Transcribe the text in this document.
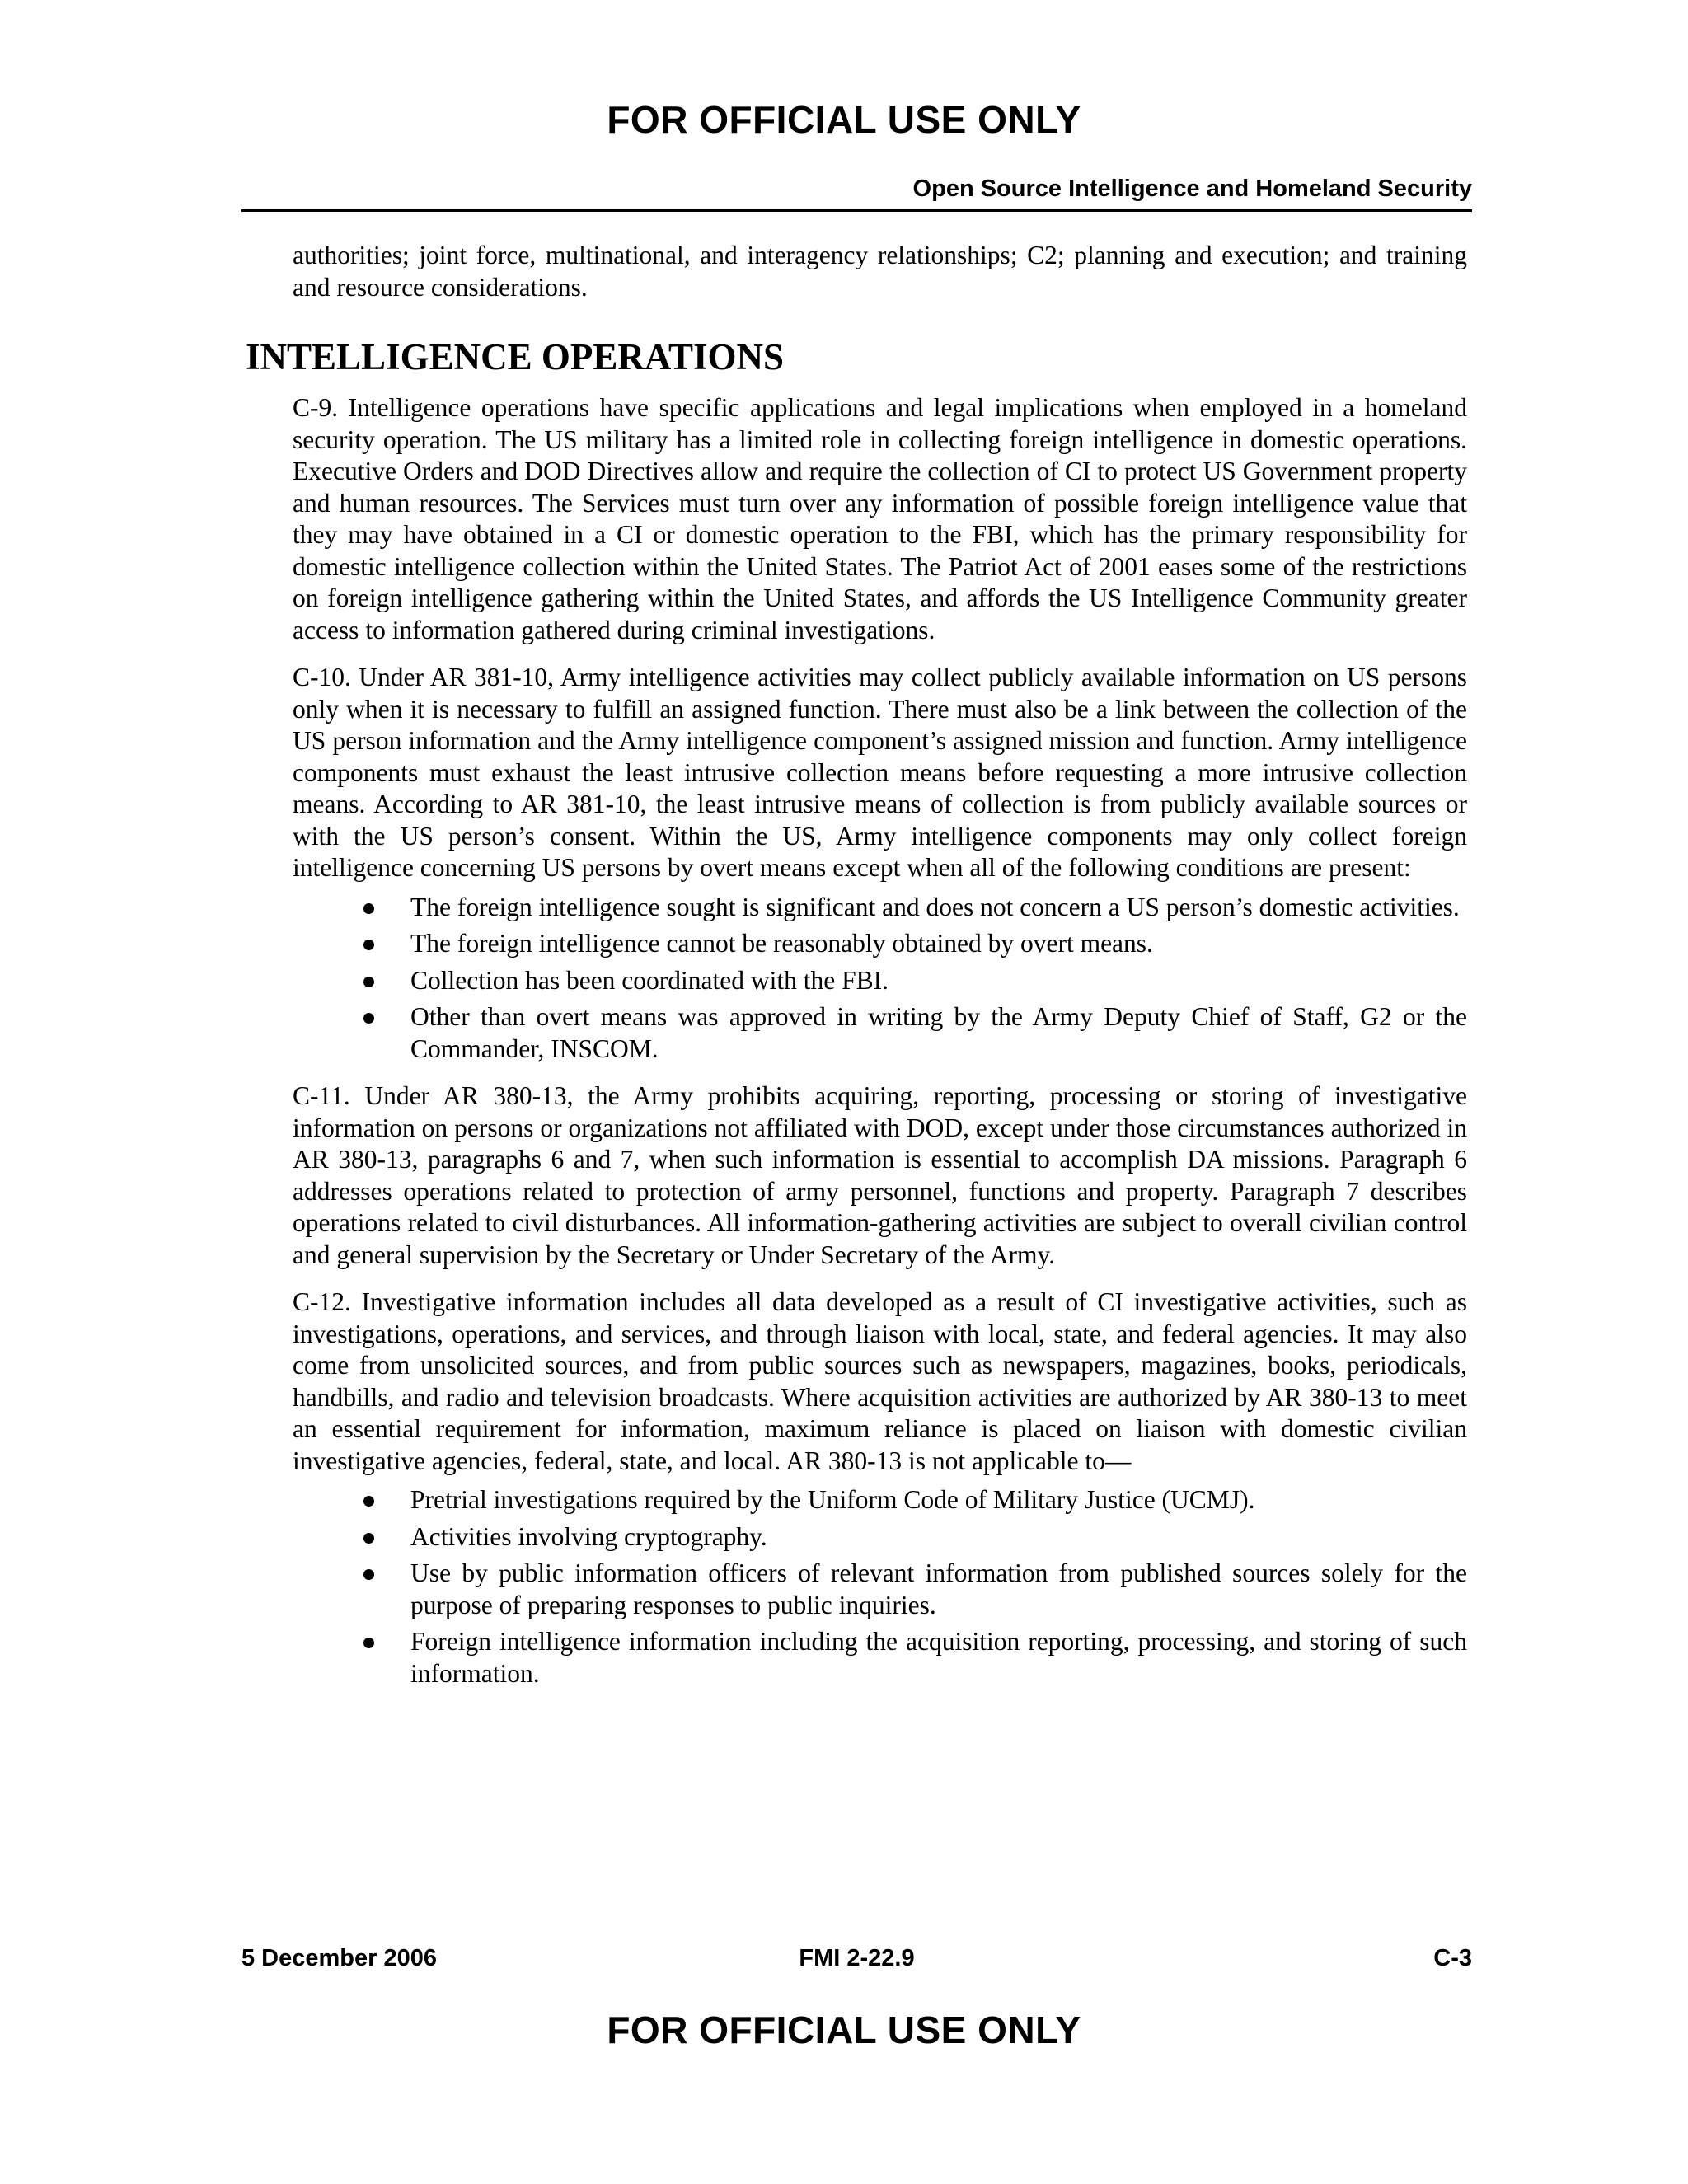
FOR OFFICIAL USE ONLY
Open Source Intelligence and Homeland Security

authorities; joint force, multinational, and interagency relationships; C2; planning and execution; and training and resource considerations.

INTELLIGENCE OPERATIONS

C-9. Intelligence operations have specific applications and legal implications when employed in a homeland security operation. The US military has a limited role in collecting foreign intelligence in domestic operations. Executive Orders and DOD Directives allow and require the collection of CI to protect US Government property and human resources. The Services must turn over any information of possible foreign intelligence value that they may have obtained in a CI or domestic operation to the FBI, which has the primary responsibility for domestic intelligence collection within the United States. The Patriot Act of 2001 eases some of the restrictions on foreign intelligence gathering within the United States, and affords the US Intelligence Community greater access to information gathered during criminal investigations.

C-10. Under AR 381-10, Army intelligence activities may collect publicly available information on US persons only when it is necessary to fulfill an assigned function. There must also be a link between the collection of the US person information and the Army intelligence component’s assigned mission and function. Army intelligence components must exhaust the least intrusive collection means before requesting a more intrusive collection means. According to AR 381-10, the least intrusive means of collection is from publicly available sources or with the US person’s consent. Within the US, Army intelligence components may only collect foreign intelligence concerning US persons by overt means except when all of the following conditions are present:

The foreign intelligence sought is significant and does not concern a US person’s domestic activities.
The foreign intelligence cannot be reasonably obtained by overt means.
Collection has been coordinated with the FBI.
Other than overt means was approved in writing by the Army Deputy Chief of Staff, G2 or the Commander, INSCOM.

C-11. Under AR 380-13, the Army prohibits acquiring, reporting, processing or storing of investigative information on persons or organizations not affiliated with DOD, except under those circumstances authorized in AR 380-13, paragraphs 6 and 7, when such information is essential to accomplish DA missions. Paragraph 6 addresses operations related to protection of army personnel, functions and property. Paragraph 7 describes operations related to civil disturbances. All information-gathering activities are subject to overall civilian control and general supervision by the Secretary or Under Secretary of the Army.

C-12. Investigative information includes all data developed as a result of CI investigative activities, such as investigations, operations, and services, and through liaison with local, state, and federal agencies. It may also come from unsolicited sources, and from public sources such as newspapers, magazines, books, periodicals, handbills, and radio and television broadcasts. Where acquisition activities are authorized by AR 380-13 to meet an essential requirement for information, maximum reliance is placed on liaison with domestic civilian investigative agencies, federal, state, and local. AR 380-13 is not applicable to—

Pretrial investigations required by the Uniform Code of Military Justice (UCMJ).
Activities involving cryptography.
Use by public information officers of relevant information from published sources solely for the purpose of preparing responses to public inquiries.
Foreign intelligence information including the acquisition reporting, processing, and storing of such information.
5 December 2006	FMI 2-22.9	C-3
FOR OFFICIAL USE ONLY
